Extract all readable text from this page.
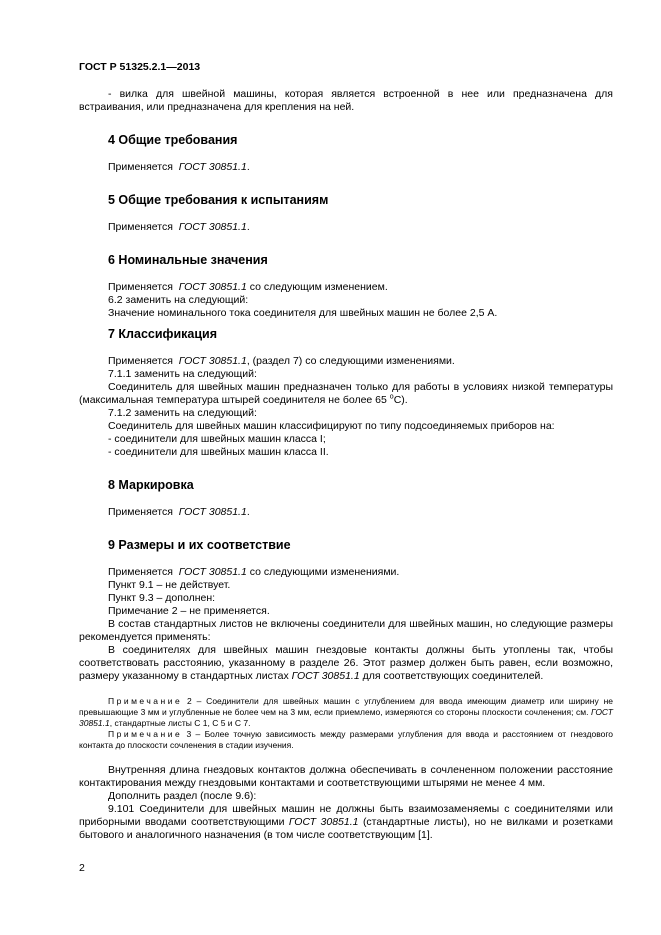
ГОСТ Р 51325.2.1—2013

- вилка для швейной машины, которая является встроенной в нее или предназначена для встраивания, или предназначена для крепления на ней.

4 Общие требования

Применяется ГОСТ 30851.1.

5 Общие требования к испытаниям

Применяется ГОСТ 30851.1.

6 Номинальные значения

Применяется ГОСТ 30851.1 со следующим изменением.

6.2 заменить на следующий:

Значение номинального тока соединителя для швейных машин не более 2,5 А.

7 Классификация

Применяется ГОСТ 30851.1, (раздел 7) со следующими изменениями.

7.1.1 заменить на следующий:

Соединитель для швейных машин предназначен только для работы в условиях низкой температуры (максимальная температура штырей соединителя не более 65 $^o$C).

7.1.2 заменить на следующий:

Соединитель для швейных машин классифицируют по типу подсоединяемых приборов на:

- соединители для швейных машин класса I;

- соединители для швейных машин класса II.

8 Маркировка

Применяется ГОСТ 30851.1.

9 Размеры и их соответствие

Применяется ГОСТ 30851.1 со следующими изменениями.

Пункт 9.1 – не действует.

Пункт 9.3 – дополнен:

Примечание 2 – не применяется.

В состав стандартных листов не включены соединители для швейных машин, но следующие размеры рекомендуется применять:

В соединителях для швейных машин гнездовые контакты должны быть утоплены так, чтобы соответствовать расстоянию, указанному в разделе 26. Этот размер должен быть равен, если возможно, размеру указанному в стандартных листах ГОСТ 30851.1 для соответствующих соединителей.

Примечание 2 – Соединители для швейных машин с углублением для ввода имеющим диаметр или ширину не превышающие 3 мм и углубленные не более чем на 3 мм, если приемлемо, измеряются со стороны плоскости сочленения; см. ГОСТ 30851.1, стандартные листы С 1, С 5 и С 7.

Примечание 3 – Более точную зависимость между размерами углубления для ввода и расстоянием от гнездового контакта до плоскости сочленения в стадии изучения.

Внутренняя длина гнездовых контактов должна обеспечивать в сочлененном положении расстояние контактирования между гнездовыми контактами и соответствующими штырями не менее 4 мм.

Дополнить раздел (после 9.6):

9.101 Соединители для швейных машин не должны быть взаимозаменяемы с соединителями или приборными вводами соответствующими ГОСТ 30851.1 (стандартные листы), но не вилками и розетками бытового и аналогичного назначения (в том числе соответствующим [1].

2
